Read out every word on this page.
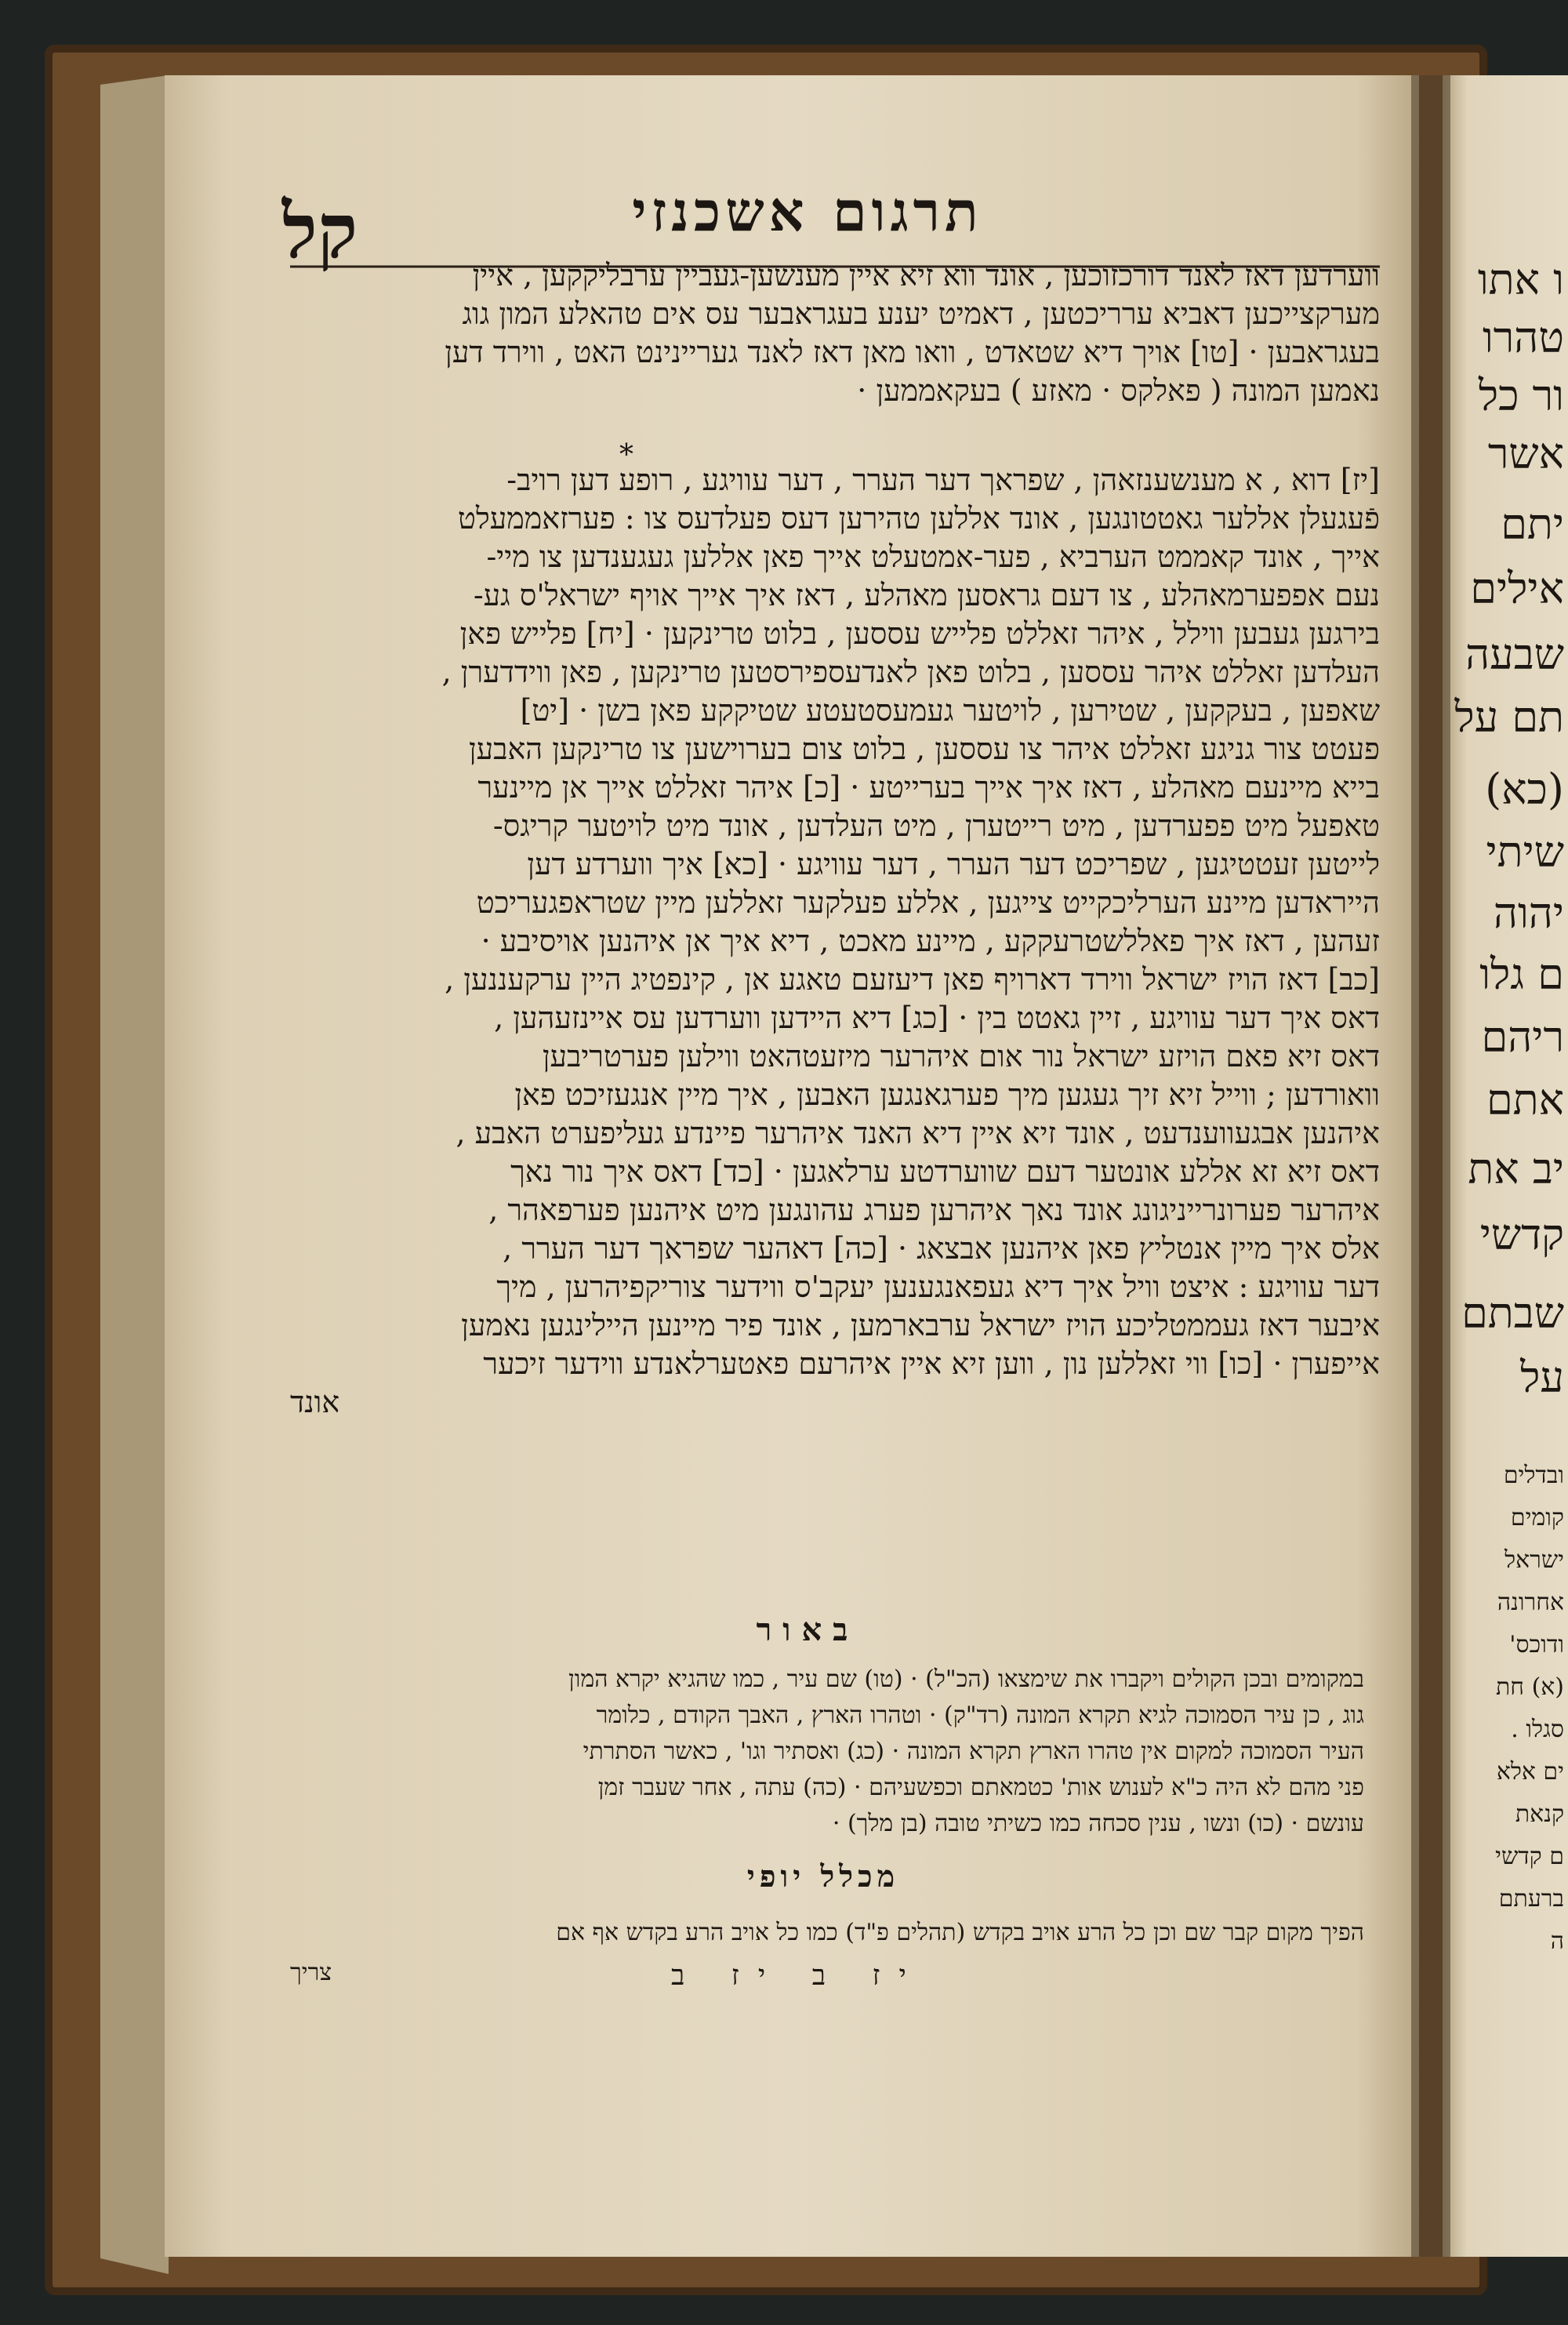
*
תרגום אשכנזי
קל	ווערדען דאז לאנד דורכזוכען , אונד ווא זיא איין מענשען-געביין ערבליקקען , איין
מערקצייכען דאביא ערריכטען , דאמיט יענע בעגראבער עס אים טהאלע המון גוג
בעגראבען · [טו] אויך דיא שטאדט , וואו מאן דאז לאנד געריינינט האט , ווירד דען
נאמען המונה ( פאלקס · מאזע ) בעקאממען ·
[יז] דוא , א מענשענזאהן , שפראך דער הערר , דער עוויגע , רופע דען רויב-
פֿעגעלן אללער גאטטונגען , אונד אללען טהירען דעס פעלדעס צו : פערזאממעלט
אייך , אונד קאממט הערביא , פער-אמטעלט אייך פאן אללען געגענדען צו מיי-
נעם אפפערמאהלע , צו דעם גראסען מאהלע , דאז איך אייך אויף ישראל'ס גע-
בירגען געבען ווילל , איהר זאללט פלייש עססען , בלוט טרינקען · [יח] פלייש פאן
העלדען זאללט איהר עססען , בלוט פאן לאנדעספירסטען טרינקען , פאן ווידדערן ,
שאפען , בעקקען , שטירען , לויטער געמעסטעטע שטיקקע פאן בשן · [יט]
פעטט צור גניגע זאללט איהר צו עססען , בלוט צום בערוישען צו טרינקען האבען
בייא מיינעם מאהלע , דאז איך אייך בערייטע · [כ] איהר זאללט אייך אן מיינער
טאפעל מיט פפערדען , מיט רייטערן , מיט העלדען , אונד מיט לויטער קריגס-
לייטען זעטטיגען , שפריכט דער הערר , דער עוויגע · [כא] איך ווערדע דען
הייראדען מיינע הערליכקייט צייגען , אללע פעלקער זאללען מיין שטראפגעריכט
זעהען , דאז איך פאללשטרעקקע , מיינע מאכט , דיא איך אן איהנען אויסיבע ·
[כב] דאז הויז ישראל ווירד דארויף פאן דיעזעם טאגע אן , קינפטיג היין ערקעננען ,
דאס איך דער עוויגע , זיין גאטט בין · [כג] דיא היידען ווערדען עס איינזעהען ,
דאס זיא פאם הויזע ישראל נור אום איהרער מיזעטהאט ווילען פערטריבען
וואורדען ; ווייל זיא זיך געגען מיך פערגאנגען האבען , איך מיין אנגעזיכט פאן
איהנען אבגעווענדעט , אונד זיא איין דיא האנד איהרער פיינדע געליפערט האבע ,
דאס זיא זא אללע אונטער דעם שווערדטע ערלאגען · [כד] דאס איך נור נאך
איהרער פערונרייניגונג אונד נאך איהרען פערג עהונגען מיט איהנען פערפאהר ,
אלס איך מיין אנטליץ פאן איהנען אבצאג · [כה] דאהער שפראך דער הערר ,
דער עוויגע : איצט וויל איך דיא געפאנגענען יעקב'ס ווידער צוריקפיהרען , מיך
איבער דאז געממטליכע הויז ישראל ערבארמען , אונד פיר מיינען היילינגען נאמען
אייפערן · [כו] ווי זאללען נון , ווען זיא איין איהרעם פאטערלאנדע ווידער זיכער
אונד
באור
במקומים ובכן הקולים ויקברו את שימצאו (הכ"ל) · (טו) שם עיר , כמו שהגיא יקרא המון
גוג , כן עיר הסמוכה לגיא תקרא המונה (רד"ק) · וטהרו הארץ , האבך הקודם , כלומר
העיר הסמוכה למקום אין טהרו הארץ תקרא המונה · (כג) ואסתיר וגו' , כאשר הסתרתי
פני מהם לא היה כ"א לענוש אות' כטמאתם וכפשעיהם · (כה) עתה , אחר שעבר זמן
עונשם · (כו) ונשו , ענין סכחה כמו כשיתי טובה (בן מלך) ·
מכלל יופי
הפיך מקום קבר שם וכן כל הרע אויב בקדש (תהלים פ"ד) כמו כל אויב הרע בקדש אף אם
צריך	יז ב יז ב
ו אתו
טהרו
ור כל
אשר
יתם
אילים
שבעה
תם על
(כא)
שיתי
יהוה
ם גלו
ריהם
אתם
יב את
קדשי
שבתם
על
ובדלים
קומים
ישראל
אחרונה
ודוכס'
(א) חת
סגלו .
ים אלא
קנאת
ם קדשי
ברעתם
ה
